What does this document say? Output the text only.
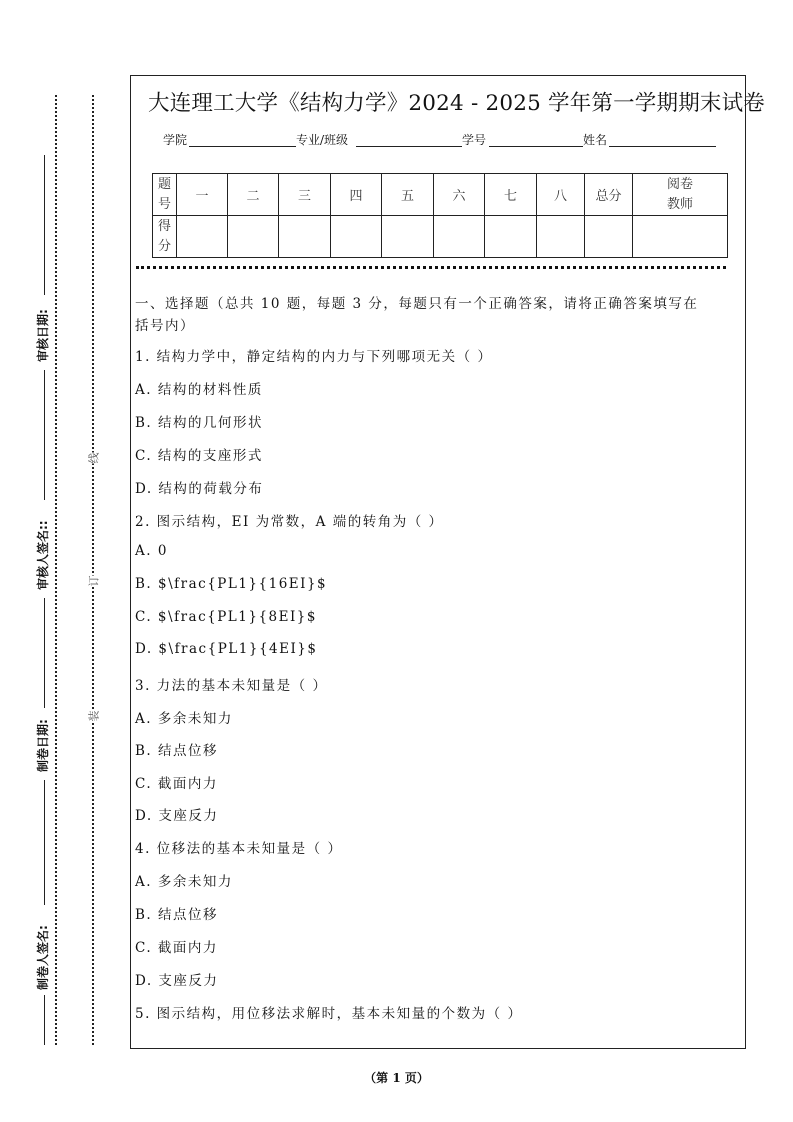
审核日期:
审核人签名::
制卷日期:
制卷人签名:
线
订
装
大连理工大学《结构力学》2024 - 2025 学年第一学期期末试卷
学院	专业/班级	学号	姓名
题号	一	二	三	四	五	六	七	八	总分	阅卷教师
得分										
一、选择题（总共 10 题，每题 3 分，每题只有一个正确答案，请将正确答案填写在
括号内）
1. 结构力学中，静定结构的内力与下列哪项无关（ ）
A. 结构的材料性质
B. 结构的几何形状
C. 结构的支座形式
D. 结构的荷载分布
2. 图示结构，EI 为常数，A 端的转角为（ ）
A. 0
B. $\frac{PL1}{16EI}$
C. $\frac{PL1}{8EI}$
D. $\frac{PL1}{4EI}$
3. 力法的基本未知量是（ ）
A. 多余未知力
B. 结点位移
C. 截面内力
D. 支座反力
4. 位移法的基本未知量是（ ）
A. 多余未知力
B. 结点位移
C. 截面内力
D. 支座反力
5. 图示结构，用位移法求解时，基本未知量的个数为（ ）
（第 1 页）
